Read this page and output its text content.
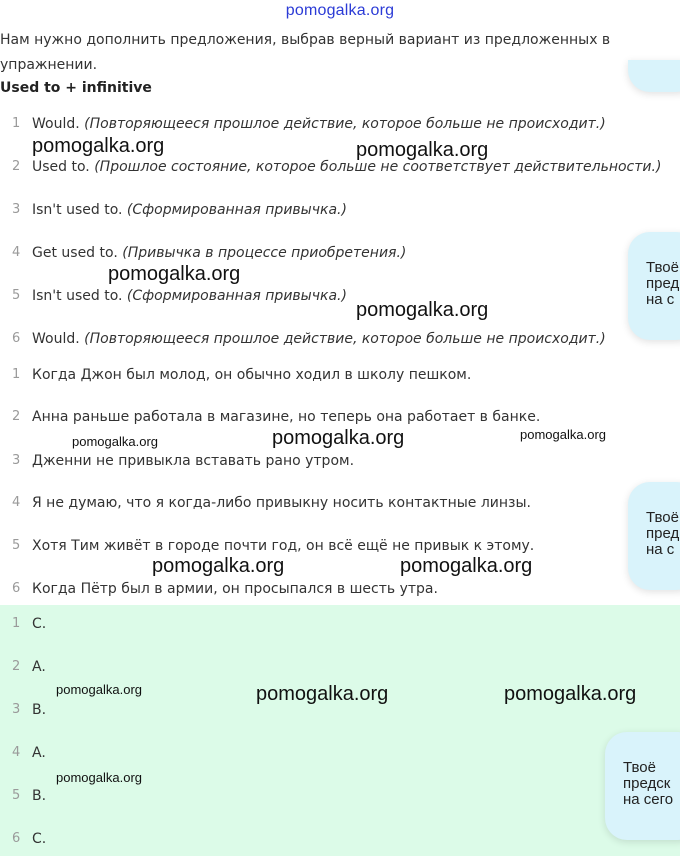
pomogalka.org
Нам нужно дополнить предложения, выбрав верный вариант из предложенных в упражнении.
Used to + infinitive
1 Would. (Повторяющееся прошлое действие, которое больше не происходит.)
2 Used to. (Прошлое состояние, которое больше не соответствует действительности.)
3 Isn't used to. (Сформированная привычка.)
4 Get used to. (Привычка в процессе приобретения.)
5 Isn't used to. (Сформированная привычка.)
6 Would. (Повторяющееся прошлое действие, которое больше не происходит.)
1 Когда Джон был молод, он обычно ходил в школу пешком.
2 Анна раньше работала в магазине, но теперь она работает в банке.
3 Дженни не привыкла вставать рано утром.
4 Я не думаю, что я когда-либо привыкну носить контактные линзы.
5 Хотя Тим живёт в городе почти год, он всё ещё не привык к этому.
6 Когда Пётр был в армии, он просыпался в шесть утра.
1 C.
2 A.
3 B.
4 A.
5 B.
6 C.
Твоё
пред
на с
Твоё
пред
на с
Твоё
предск
на сего
pomogalka.org	pomogalka.org
pomogalka.org
pomogalka.org
pomogalka.org	pomogalka.org	pomogalka.org
pomogalka.org	pomogalka.org
pomogalka.org	pomogalka.org	pomogalka.org
pomogalka.org
